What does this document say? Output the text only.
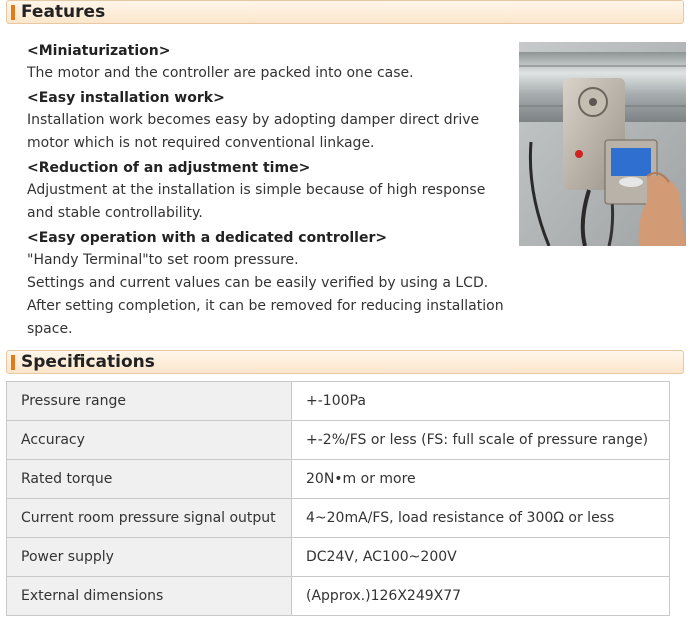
Features
<Miniaturization>
The motor and the controller are packed into one case.
<Easy installation work>
Installation work becomes easy by adopting damper direct drive
motor which is not required conventional linkage.
<Reduction of an adjustment time>
Adjustment at the installation is simple because of high response
and stable controllability.
<Easy operation with a dedicated controller>
"Handy Terminal"to set room pressure.
Settings and current values can be easily verified by using a LCD.
After setting completion, it can be removed for reducing installation space.
Specifications
Pressure range	+-100Pa
Accuracy	+-2%/FS or less (FS: full scale of pressure range)
Rated torque	20N•m or more
Current room pressure signal output	4~20mA/FS, load resistance of 300Ω or less
Power supply	DC24V, AC100~200V
External dimensions	(Approx.)126X249X77
